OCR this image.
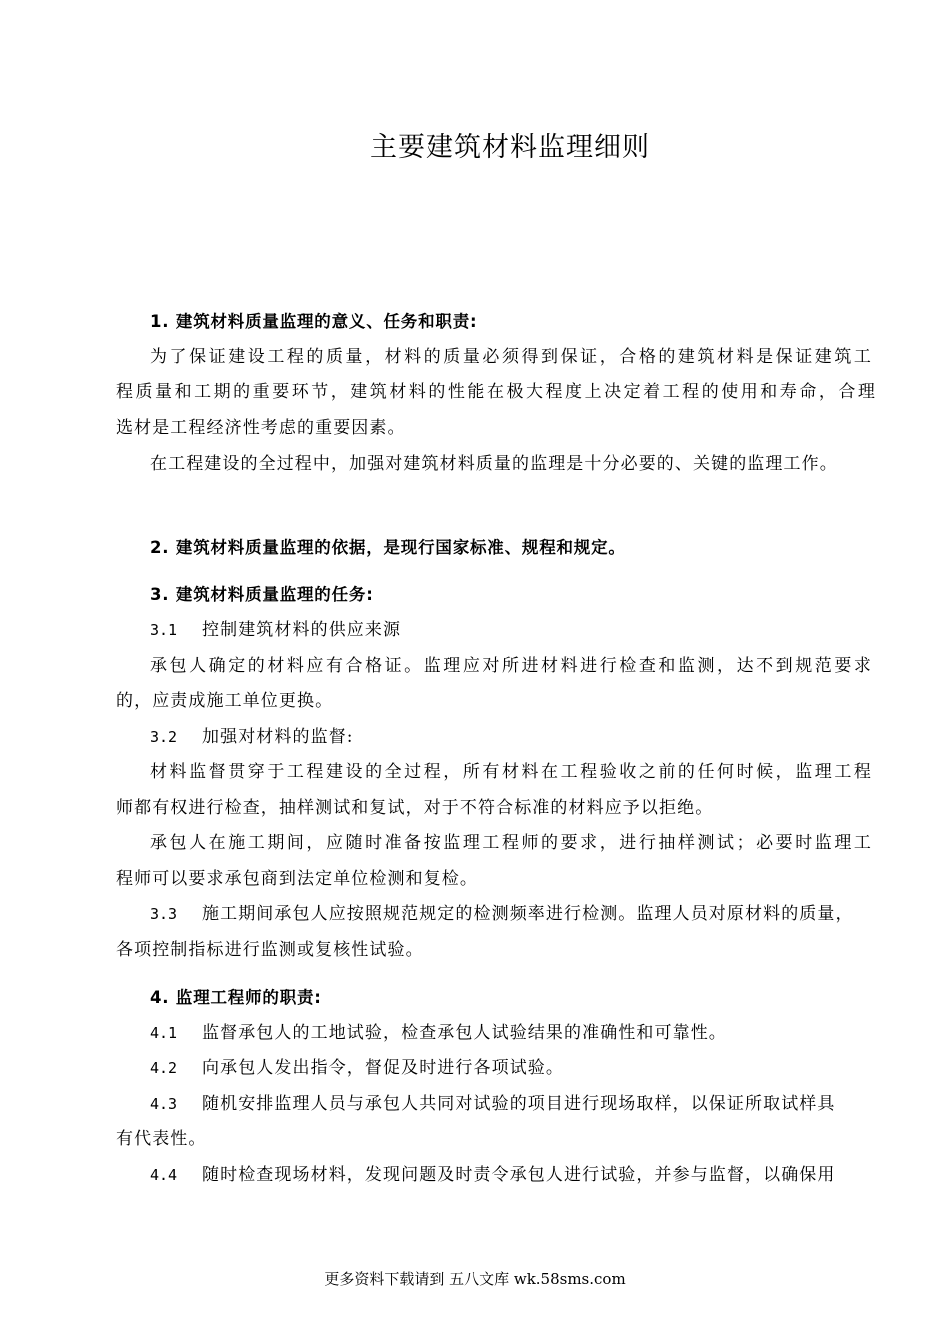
主要建筑材料监理细则
1. 建筑材料质量监理的意义、任务和职责:
为了保证建设工程的质量，材料的质量必须得到保证，合格的建筑材料是保证建筑工
程质量和工期的重要环节，建筑材料的性能在极大程度上决定着工程的使用和寿命，合理
选材是工程经济性考虑的重要因素。
在工程建设的全过程中，加强对建筑材料质量的监理是十分必要的、关键的监理工作。
2. 建筑材料质量监理的依据，是现行国家标准、规程和规定。
3. 建筑材料质量监理的任务:
3.1 控制建筑材料的供应来源
承包人确定的材料应有合格证。监理应对所进材料进行检查和监测，达不到规范要求
的，应责成施工单位更换。
3.2 加强对材料的监督:
材料监督贯穿于工程建设的全过程，所有材料在工程验收之前的任何时候，监理工程
师都有权进行检查，抽样测试和复试，对于不符合标准的材料应予以拒绝。
承包人在施工期间，应随时准备按监理工程师的要求，进行抽样测试；必要时监理工
程师可以要求承包商到法定单位检测和复检。
3.3 施工期间承包人应按照规范规定的检测频率进行检测。监理人员对原材料的质量，
各项控制指标进行监测或复核性试验。
4. 监理工程师的职责:
4.1 监督承包人的工地试验，检查承包人试验结果的准确性和可靠性。
4.2 向承包人发出指令，督促及时进行各项试验。
4.3 随机安排监理人员与承包人共同对试验的项目进行现场取样，以保证所取试样具
有代表性。
4.4 随时检查现场材料，发现问题及时责令承包人进行试验，并参与监督，以确保用
更多资料下载请到 五八文库 wk.58sms.com
